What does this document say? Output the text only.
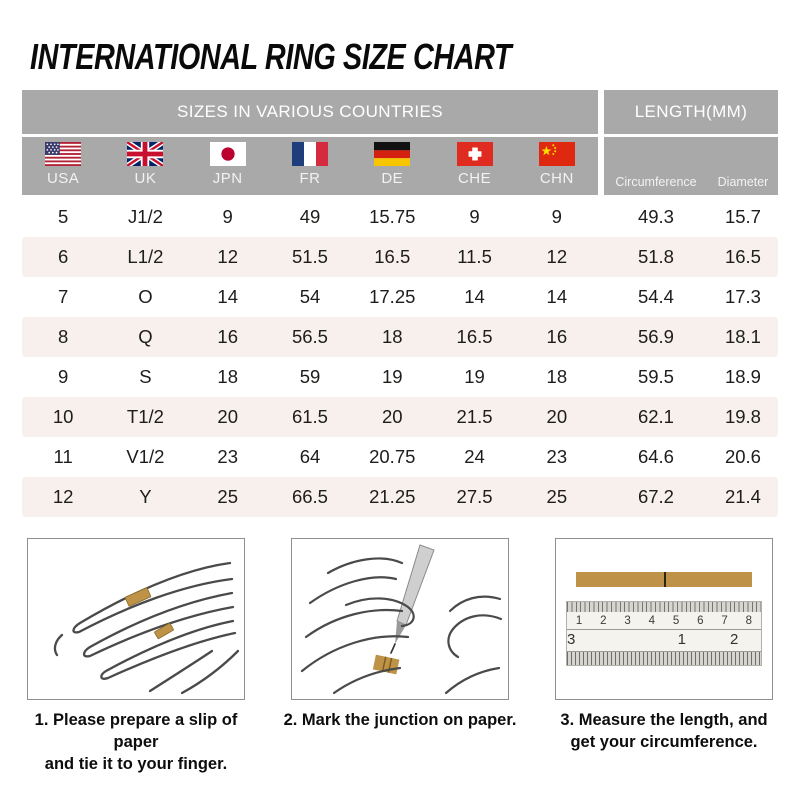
INTERNATIONAL RING SIZE CHART
SIZES IN VARIOUS COUNTRIES	LENGTH(MM)
USA	UK	JPN	FR	DE	CHE	CHN	Circumference	Diameter
5	J1/2	9	49	15.75	9	9	49.3	15.7
6	L1/2	12	51.5	16.5	11.5	12	51.8	16.5
7	O	14	54	17.25	14	14	54.4	17.3
8	Q	16	56.5	18	16.5	16	56.9	18.1
9	S	18	59	19	19	18	59.5	18.9
10	T1/2	20	61.5	20	21.5	20	62.1	19.8
11	V1/2	23	64	20.75	24	23	64.6	20.6
12	Y	25	66.5	21.25	27.5	25	67.2	21.4
1. Please prepare a slip of paper
and tie it to your finger.
2. Mark the junction on paper.
1 2 3 4 5 6 7 8
1	2
3
3. Measure the length, and
get your circumference.
